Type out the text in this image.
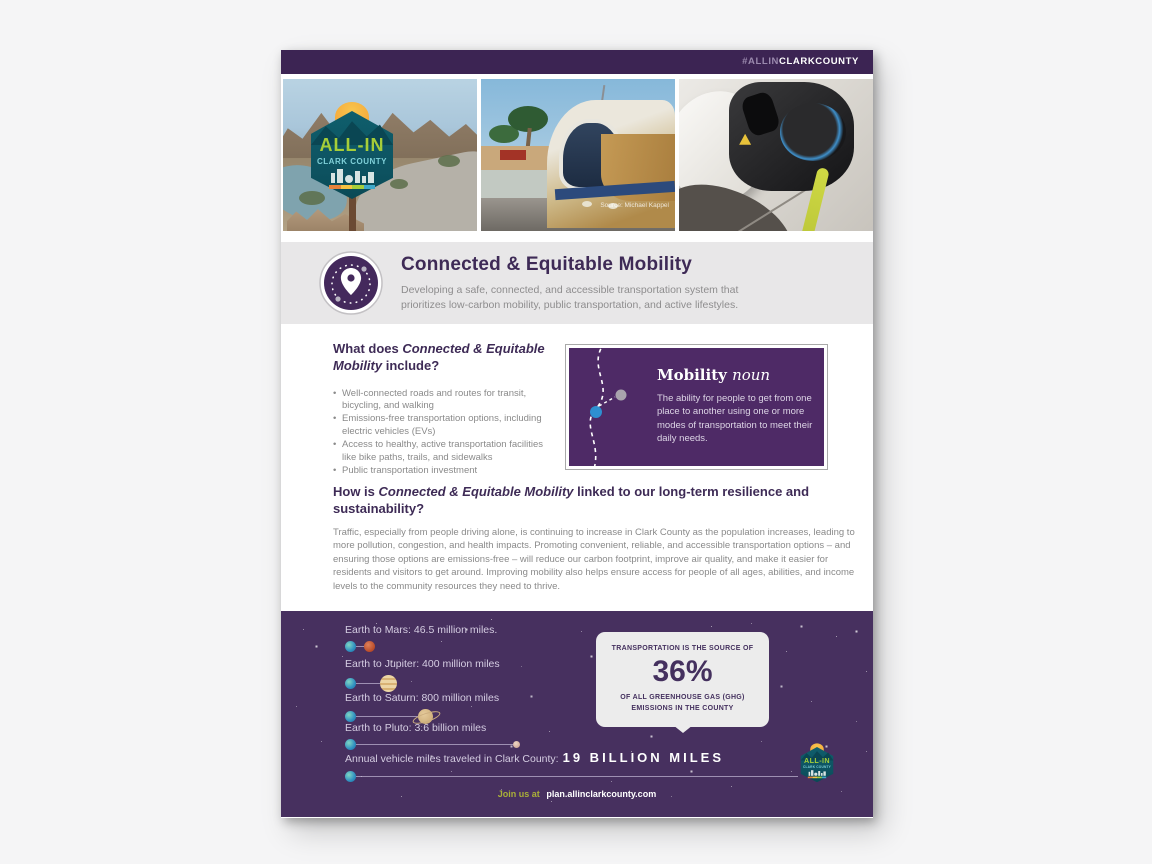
#ALLINCLARKCOUNTY
ALL-IN
CLARK COUNTY
Source: Michael Kappel
Connected & Equitable Mobility

Developing a safe, connected, and accessible transportation system that prioritizes low-carbon mobility, public transportation, and active lifestyles.

What does Connected & Equitable Mobility include?
• Well-connected roads and routes for transit, bicycling, and walking
• Emissions-free transportation options, including electric vehicles (EVs)
• Access to healthy, active transportation facilities like bike paths, trails, and sidewalks
• Public transportation investment
Mobility noun
The ability for people to get from one place to another using one or more modes of transportation to meet their daily needs.
How is Connected & Equitable Mobility linked to our long-term resilience and sustainability?
Traffic, especially from people driving alone, is continuing to increase in Clark County as the population increases, leading to more pollution, congestion, and health impacts. Promoting convenient, reliable, and accessible transportation options – and ensuring those options are emissions-free – will reduce our carbon footprint, improve air quality, and make it easier for residents and visitors to get around. Improving mobility also helps ensure access for people of all ages, abilities, and income levels to the community resources they need to thrive.
Earth to Mars: 46.5 million miles.
Earth to Jupiter: 400 million miles
Earth to Saturn: 800 million miles
Earth to Pluto: 3.6 billion miles
Annual vehicle miles traveled in Clark County: 19 BILLION MILES
TRANSPORTATION IS THE SOURCE OF
36%
OF ALL GREENHOUSE GAS (GHG) EMISSIONS IN THE COUNTY
ALL-IN
CLARK COUNTY
Join us at plan.allinclarkcounty.com
